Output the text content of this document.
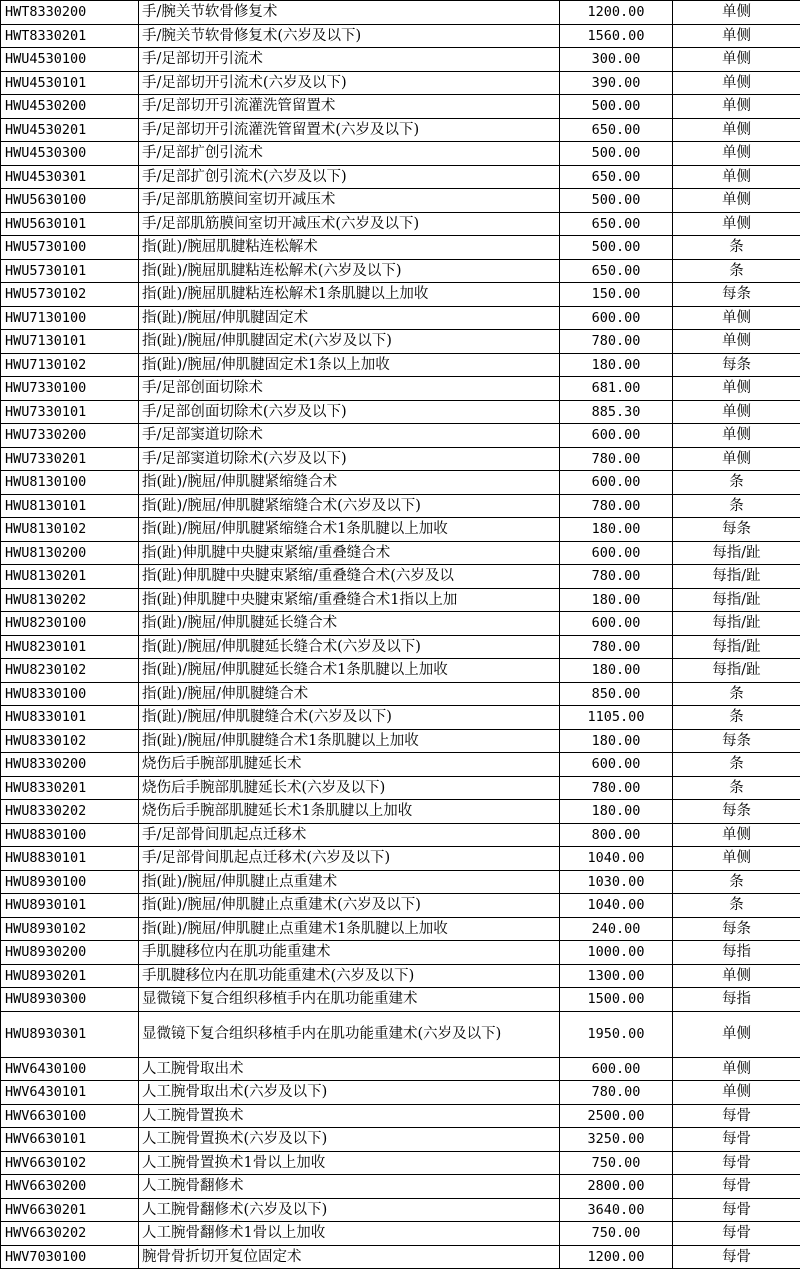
HWT8330200	手/腕关节软骨修复术	1200.00	单侧
HWT8330201	手/腕关节软骨修复术(六岁及以下)	1560.00	单侧
HWU4530100	手/足部切开引流术	300.00	单侧
HWU4530101	手/足部切开引流术(六岁及以下)	390.00	单侧
HWU4530200	手/足部切开引流灌洗管留置术	500.00	单侧
HWU4530201	手/足部切开引流灌洗管留置术(六岁及以下)	650.00	单侧
HWU4530300	手/足部扩创引流术	500.00	单侧
HWU4530301	手/足部扩创引流术(六岁及以下)	650.00	单侧
HWU5630100	手/足部肌筋膜间室切开减压术	500.00	单侧
HWU5630101	手/足部肌筋膜间室切开减压术(六岁及以下)	650.00	单侧
HWU5730100	指(趾)/腕屈肌腱粘连松解术	500.00	条
HWU5730101	指(趾)/腕屈肌腱粘连松解术(六岁及以下)	650.00	条
HWU5730102	指(趾)/腕屈肌腱粘连松解术1条肌腱以上加收	150.00	每条
HWU7130100	指(趾)/腕屈/伸肌腱固定术	600.00	单侧
HWU7130101	指(趾)/腕屈/伸肌腱固定术(六岁及以下)	780.00	单侧
HWU7130102	指(趾)/腕屈/伸肌腱固定术1条以上加收	180.00	每条
HWU7330100	手/足部创面切除术	681.00	单侧
HWU7330101	手/足部创面切除术(六岁及以下)	885.30	单侧
HWU7330200	手/足部窦道切除术	600.00	单侧
HWU7330201	手/足部窦道切除术(六岁及以下)	780.00	单侧
HWU8130100	指(趾)/腕屈/伸肌腱紧缩缝合术	600.00	条
HWU8130101	指(趾)/腕屈/伸肌腱紧缩缝合术(六岁及以下)	780.00	条
HWU8130102	指(趾)/腕屈/伸肌腱紧缩缝合术1条肌腱以上加收	180.00	每条
HWU8130200	指(趾)伸肌腱中央腱束紧缩/重叠缝合术	600.00	每指/趾
HWU8130201	指(趾)伸肌腱中央腱束紧缩/重叠缝合术(六岁及以	780.00	每指/趾
HWU8130202	指(趾)伸肌腱中央腱束紧缩/重叠缝合术1指以上加	180.00	每指/趾
HWU8230100	指(趾)/腕屈/伸肌腱延长缝合术	600.00	每指/趾
HWU8230101	指(趾)/腕屈/伸肌腱延长缝合术(六岁及以下)	780.00	每指/趾
HWU8230102	指(趾)/腕屈/伸肌腱延长缝合术1条肌腱以上加收	180.00	每指/趾
HWU8330100	指(趾)/腕屈/伸肌腱缝合术	850.00	条
HWU8330101	指(趾)/腕屈/伸肌腱缝合术(六岁及以下)	1105.00	条
HWU8330102	指(趾)/腕屈/伸肌腱缝合术1条肌腱以上加收	180.00	每条
HWU8330200	烧伤后手腕部肌腱延长术	600.00	条
HWU8330201	烧伤后手腕部肌腱延长术(六岁及以下)	780.00	条
HWU8330202	烧伤后手腕部肌腱延长术1条肌腱以上加收	180.00	每条
HWU8830100	手/足部骨间肌起点迁移术	800.00	单侧
HWU8830101	手/足部骨间肌起点迁移术(六岁及以下)	1040.00	单侧
HWU8930100	指(趾)/腕屈/伸肌腱止点重建术	1030.00	条
HWU8930101	指(趾)/腕屈/伸肌腱止点重建术(六岁及以下)	1040.00	条
HWU8930102	指(趾)/腕屈/伸肌腱止点重建术1条肌腱以上加收	240.00	每条
HWU8930200	手肌腱移位内在肌功能重建术	1000.00	每指
HWU8930201	手肌腱移位内在肌功能重建术(六岁及以下)	1300.00	单侧
HWU8930300	显微镜下复合组织移植手内在肌功能重建术	1500.00	每指
HWU8930301	显微镜下复合组织移植手内在肌功能重建术(六岁及以下)	1950.00	单侧
HWV6430100	人工腕骨取出术	600.00	单侧
HWV6430101	人工腕骨取出术(六岁及以下)	780.00	单侧
HWV6630100	人工腕骨置换术	2500.00	每骨
HWV6630101	人工腕骨置换术(六岁及以下)	3250.00	每骨
HWV6630102	人工腕骨置换术1骨以上加收	750.00	每骨
HWV6630200	人工腕骨翻修术	2800.00	每骨
HWV6630201	人工腕骨翻修术(六岁及以下)	3640.00	每骨
HWV6630202	人工腕骨翻修术1骨以上加收	750.00	每骨
HWV7030100	腕骨骨折切开复位固定术	1200.00	每骨
